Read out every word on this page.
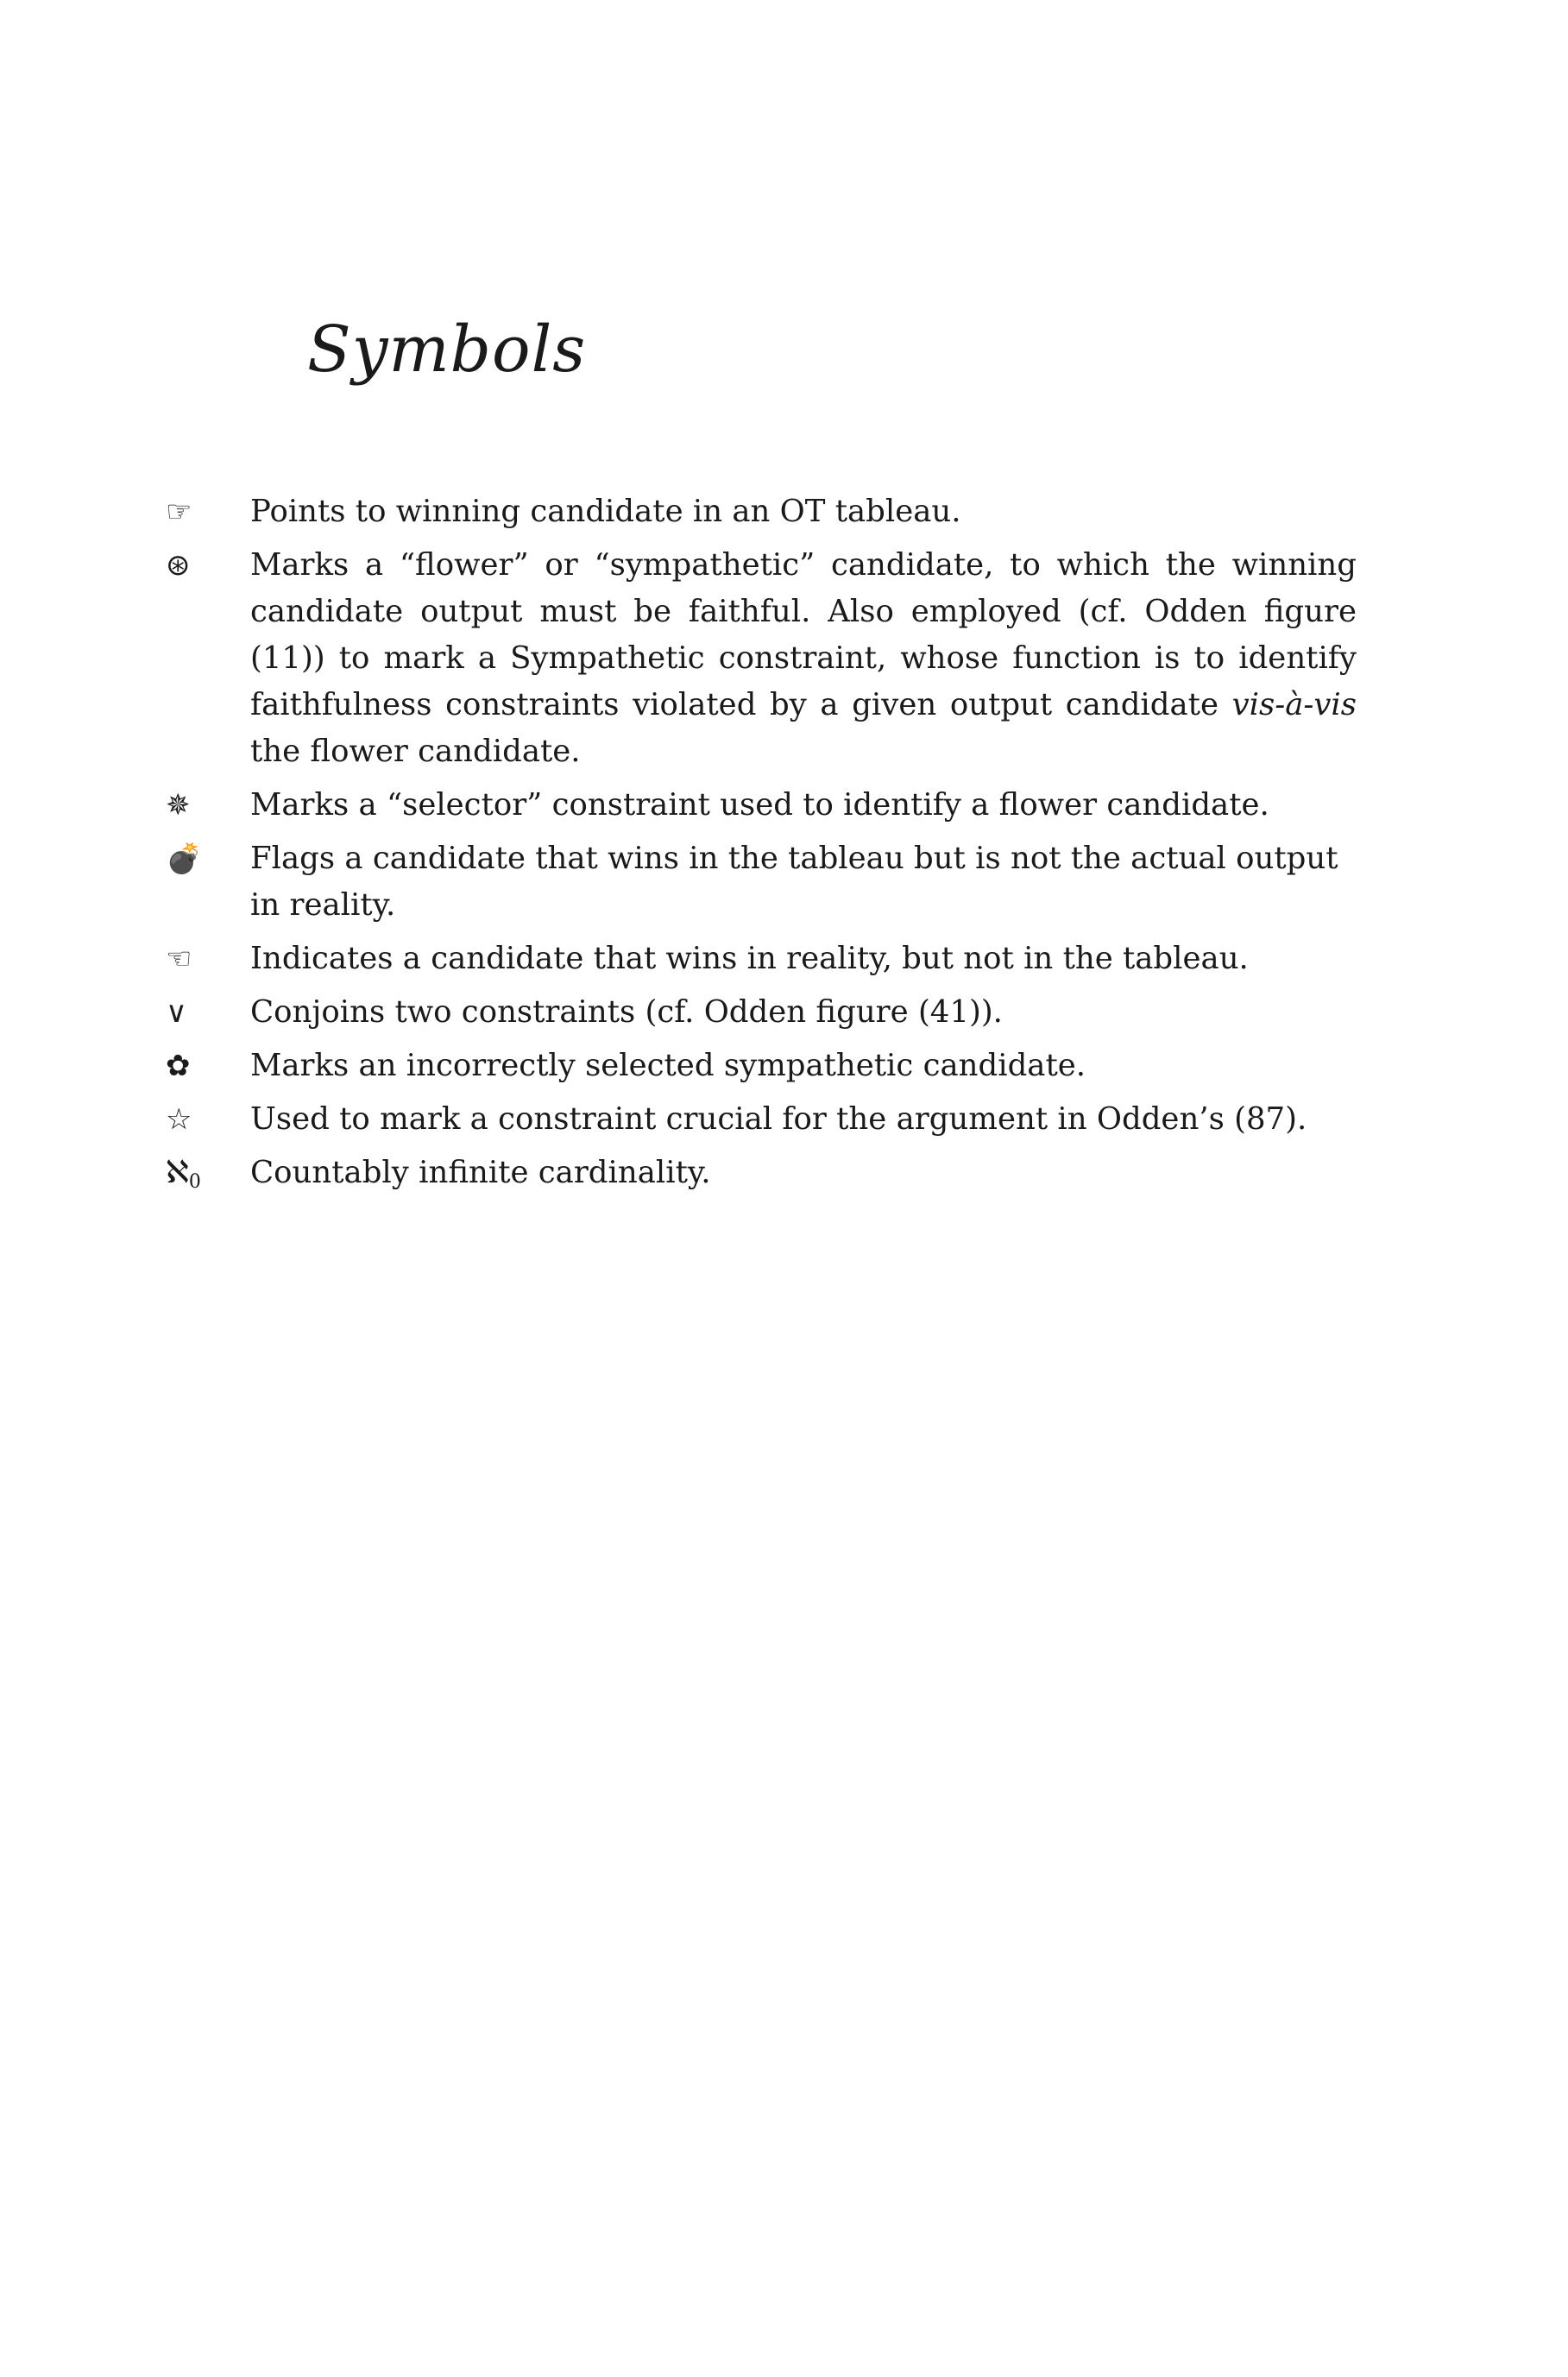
Symbols
☞	Points to winning candidate in an OT tableau.
⊛	Marks a “flower” or “sympathetic” candidate, to which the winning candidate output must be faithful. Also employed (cf. Odden figure (11)) to mark a Sympathetic constraint, whose function is to identify faithfulness constraints violated by a given output candidate vis-à-vis the flower candidate.
✵	Marks a “selector” constraint used to identify a flower candidate.
💣	Flags a candidate that wins in the tableau but is not the actual output in reality.
☜	Indicates a candidate that wins in reality, but not in the tableau.
∨	Conjoins two constraints (cf. Odden figure (41)).
✿	Marks an incorrectly selected sympathetic candidate.
☆	Used to mark a constraint crucial for the argument in Odden’s (87).
ℵ$_0$	Countably infinite cardinality.
